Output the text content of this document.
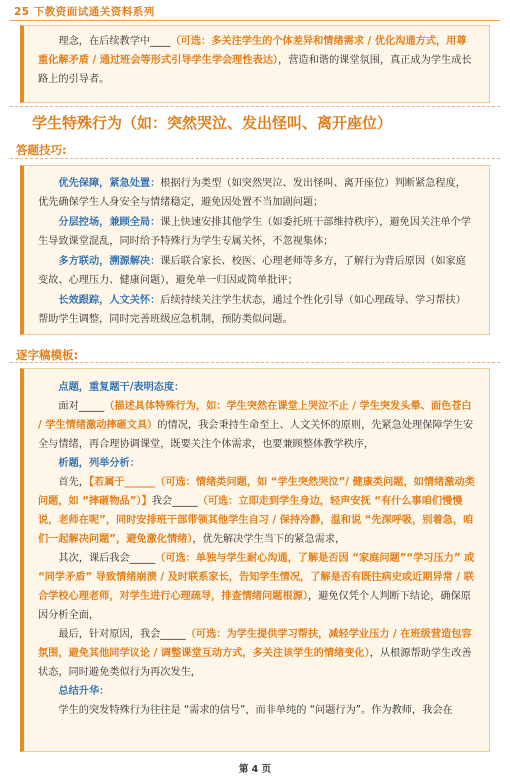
25 下教资面试通关资料系列

理念，在后续教学中____（可选：多关注学生的个体差异和情绪需求 / 优化沟通方式，用尊重化解矛盾 / 通过班会等形式引导学生学会理性表达），营造和谐的课堂氛围，真正成为学生成长路上的引导者。

学生特殊行为（如：突然哭泣、发出怪叫、离开座位）
答题技巧:

优先保障，紧急处置：根据行为类型（如突然哭泣、发出怪叫、离开座位）判断紧急程度，优先确保学生人身安全与情绪稳定，避免因处置不当加剧问题；

分层控场，兼顾全局：课上快速安排其他学生（如委托班干部维持秩序），避免因关注单个学生导致课堂混乱，同时给予特殊行为学生专属关怀，不忽视集体；

多方联动，溯源解决：课后联合家长、校医、心理老师等多方，了解行为背后原因（如家庭变故、心理压力、健康问题），避免单一归因或简单批评；

长效跟踪，人文关怀：后续持续关注学生状态，通过个性化引导（如心理疏导、学习帮扶）帮助学生调整，同时完善班级应急机制，预防类似问题。

逐字稿模板:

点题，重复题干/表明态度：

面对_____（描述具体特殊行为，如：学生突然在课堂上哭泣不止 / 学生突发头晕、面色苍白 / 学生情绪激动摔砸文具）的情况，我会秉持生命至上、人文关怀的原则，先紧急处理保障学生安全与情绪，再合理协调课堂，既要关注个体需求，也要兼顾整体教学秩序，

析题，列举分析：

首先，【若属于______（可选：情绪类问题，如 “学生突然哭泣”/ 健康类问题，如情绪激动类问题，如 “摔砸物品”）】我会_____（可选：立即走到学生身边，轻声安抚 “有什么事咱们慢慢说，老师在呢”，同时安排班干部带领其他学生自习 / 保持冷静，温和说 “先深呼吸，别着急，咱们一起解决问题”，避免激化情绪），优先解决学生当下的紧急需求，

其次，课后我会_____（可选：单独与学生耐心沟通，了解是否因 “家庭问题”“学习压力” 或 “同学矛盾” 导致情绪崩溃 / 及时联系家长，告知学生情况，了解是否有既往病史或近期异常 / 联合学校心理老师，对学生进行心理疏导，排查情绪问题根源），避免仅凭个人判断下结论，确保原因分析全面，

最后，针对原因，我会_____（可选：为学生提供学习帮扶，减轻学业压力 / 在班级营造包容氛围，避免其他同学议论 / 调整课堂互动方式，多关注该学生的情绪变化），从根源帮助学生改善状态，同时避免类似行为再次发生，

总结升华：

学生的突发特殊行为往往是 “需求的信号”，而非单纯的 “问题行为”。作为教师，我会在

第 4 页
